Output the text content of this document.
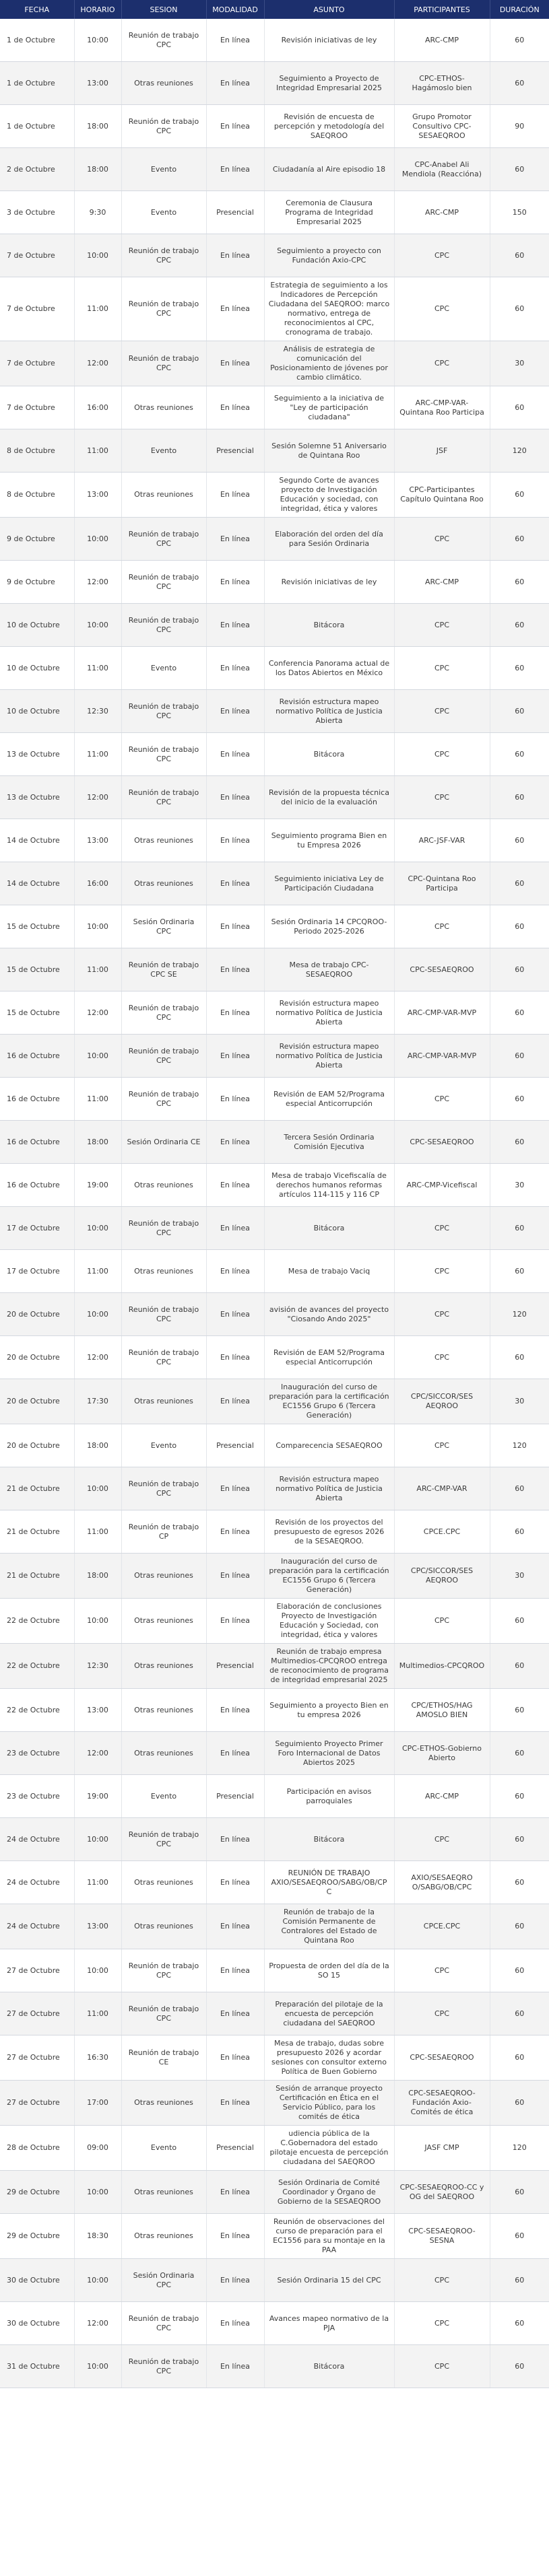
FECHA	HORARIO	SESION	MODALIDAD	ASUNTO	PARTICIPANTES	DURACIÓN
1 de Octubre	10:00	Reunión de trabajo CPC	En línea	Revisión iniciativas de ley	ARC-CMP	60
1 de Octubre	13:00	Otras reuniones	En línea	Seguimiento a Proyecto de Integridad Empresarial 2025	CPC-ETHOS-Hagámoslo bien	60
1 de Octubre	18:00	Reunión de trabajo CPC	En línea	Revisión de encuesta de percepción y metodología del SAEQROO	Grupo Promotor Consultivo CPC-SESAEQROO	90
2 de Octubre	18:00	Evento	En línea	Ciudadanía al Aire episodio 18	CPC-Anabel Ali Mendiola (Reaccióna)	60
3 de Octubre	9:30	Evento	Presencial	Ceremonia de Clausura Programa de Integridad Empresarial 2025	ARC-CMP	150
7 de Octubre	10:00	Reunión de trabajo CPC	En línea	Seguimiento a proyecto con Fundación Axio-CPC	CPC	60
7 de Octubre	11:00	Reunión de trabajo CPC	En línea	Estrategia de seguimiento a los Indicadores de Percepción Ciudadana del SAEQROO: marco normativo, entrega de reconocimientos al CPC, cronograma de trabajo.	CPC	60
7 de Octubre	12:00	Reunión de trabajo CPC	En línea	Análisis de estrategia de comunicación del Posicionamiento de jóvenes por cambio climático.	CPC	30
7 de Octubre	16:00	Otras reuniones	En línea	Seguimiento a la iniciativa de "Ley de participación ciudadana"	ARC-CMP-VAR-Quintana Roo Participa	60
8 de Octubre	11:00	Evento	Presencial	Sesión Solemne 51 Aniversario de Quintana Roo	JSF	120
8 de Octubre	13:00	Otras reuniones	En línea	Segundo Corte de avances proyecto de Investigación Educación y sociedad, con integridad, ética y valores	CPC-Participantes Capítulo Quintana Roo	60
9 de Octubre	10:00	Reunión de trabajo CPC	En línea	Elaboración del orden del día para Sesión Ordinaria	CPC	60
9 de Octubre	12:00	Reunión de trabajo CPC	En línea	Revisión iniciativas de ley	ARC-CMP	60
10 de Octubre	10:00	Reunión de trabajo CPC	En línea	Bitácora	CPC	60
10 de Octubre	11:00	Evento	En línea	Conferencia Panorama actual de los Datos Abiertos en México	CPC	60
10 de Octubre	12:30	Reunión de trabajo CPC	En línea	Revisión estructura mapeo normativo Política de Justicia Abierta	CPC	60
13 de Octubre	11:00	Reunión de trabajo CPC	En línea	Bitácora	CPC	60
13 de Octubre	12:00	Reunión de trabajo CPC	En línea	Revisión de la propuesta técnica del inicio de la evaluación	CPC	60
14 de Octubre	13:00	Otras reuniones	En línea	Seguimiento programa Bien en tu Empresa 2026	ARC-JSF-VAR	60
14 de Octubre	16:00	Otras reuniones	En línea	Seguimiento iniciativa Ley de Participación Ciudadana	CPC-Quintana Roo Participa	60
15 de Octubre	10:00	Sesión Ordinaria CPC	En línea	Sesión Ordinaria 14 CPCQROO-Periodo 2025-2026	CPC	60
15 de Octubre	11:00	Reunión de trabajo CPC SE	En línea	Mesa de trabajo CPC-SESAEQROO	CPC-SESAEQROO	60
15 de Octubre	12:00	Reunión de trabajo CPC	En línea	Revisión estructura mapeo normativo Política de Justicia Abierta	ARC-CMP-VAR-MVP	60
16 de Octubre	10:00	Reunión de trabajo CPC	En línea	Revisión estructura mapeo normativo Política de Justicia Abierta	ARC-CMP-VAR-MVP	60
16 de Octubre	11:00	Reunión de trabajo CPC	En línea	Revisión de EAM 52/Programa especial Anticorrupción	CPC	60
16 de Octubre	18:00	Sesión Ordinaria CE	En línea	Tercera Sesión Ordinaria Comisión Ejecutiva	CPC-SESAEQROO	60
16 de Octubre	19:00	Otras reuniones	En línea	Mesa de trabajo Vicefiscalía de derechos humanos reformas artículos 114-115 y 116 CP	ARC-CMP-Vicefiscal	30
17 de Octubre	10:00	Reunión de trabajo CPC	En línea	Bitácora	CPC	60
17 de Octubre	11:00	Otras reuniones	En línea	Mesa de trabajo Vaciq	CPC	60
20 de Octubre	10:00	Reunión de trabajo CPC	En línea	avisión de avances del proyecto "Ciosando Ando 2025"	CPC	120
20 de Octubre	12:00	Reunión de trabajo CPC	En línea	Revisión de EAM 52/Programa especial Anticorrupción	CPC	60
20 de Octubre	17:30	Otras reuniones	En línea	Inauguración del curso de preparación para la certificación EC1556 Grupo 6 (Tercera Generación)	CPC/SICCOR/SES AEQROO	30
20 de Octubre	18:00	Evento	Presencial	Comparecencia SESAEQROO	CPC	120
21 de Octubre	10:00	Reunión de trabajo CPC	En línea	Revisión estructura mapeo normativo Política de Justicia Abierta	ARC-CMP-VAR	60
21 de Octubre	11:00	Reunión de trabajo CP	En línea	Revisión de los proyectos del presupuesto de egresos 2026 de la SESAEQROO.	CPCE.CPC	60
21 de Octubre	18:00	Otras reuniones	En línea	Inauguración del curso de preparación para la certificación EC1556 Grupo 6 (Tercera Generación)	CPC/SICCOR/SES AEQROO	30
22 de Octubre	10:00	Otras reuniones	En línea	Elaboración de conclusiones Proyecto de Investigación Educación y Sociedad, con integridad, ética y valores	CPC	60
22 de Octubre	12:30	Otras reuniones	Presencial	Reunión de trabajo empresa Multimedios-CPCQROO entrega de reconocimiento de programa de integridad empresarial 2025	Multimedios-CPCQROO	60
22 de Octubre	13:00	Otras reuniones	En línea	Seguimiento a proyecto Bien en tu empresa 2026	CPC/ETHOS/HAG AMOSLO BIEN	60
23 de Octubre	12:00	Otras reuniones	En línea	Seguimiento Proyecto Primer Foro Internacional de Datos Abiertos 2025	CPC-ETHOS-Gobierno Abierto	60
23 de Octubre	19:00	Evento	Presencial	Participación en avisos parroquiales	ARC-CMP	60
24 de Octubre	10:00	Reunión de trabajo CPC	En línea	Bitácora	CPC	60
24 de Octubre	11:00	Otras reuniones	En línea	REUNIÓN DE TRABAJO AXIO/SESAEQROO/SABG/OB/CP C	AXIO/SESAEQRO O/SABG/OB/CPC	60
24 de Octubre	13:00	Otras reuniones	En línea	Reunión de trabajo de la Comisión Permanente de Contralores del Estado de Quintana Roo	CPCE.CPC	60
27 de Octubre	10:00	Reunión de trabajo CPC	En línea	Propuesta de orden del día de la SO 15	CPC	60
27 de Octubre	11:00	Reunión de trabajo CPC	En línea	Preparación del pilotaje de la encuesta de percepción ciudadana del SAEQROO	CPC	60
27 de Octubre	16:30	Reunión de trabajo CE	En línea	Mesa de trabajo, dudas sobre presupuesto 2026 y acordar sesiones con consultor externo Política de Buen Gobierno	CPC-SESAEQROO	60
27 de Octubre	17:00	Otras reuniones	En línea	Sesión de arranque proyecto Certificación en Ética en el Servicio Público, para los comités de ética	CPC-SESAEQROO-Fundación Axio-Comités de ética	60
28 de Octubre	09:00	Evento	Presencial	udiencia pública de la C.Gobernadora del estado pilotaje encuesta de percepción ciudadana del SAEQROO	JASF CMP	120
29 de Octubre	10:00	Otras reuniones	En línea	Sesión Ordinaria de Comité Coordinador y Órgano de Gobierno de la SESAEQROO	CPC-SESAEQROO-CC y OG del SAEQROO	60
29 de Octubre	18:30	Otras reuniones	En línea	Reunión de observaciones del curso de preparación para el EC1556 para su montaje en la PAA	CPC-SESAEQROO-SESNA	60
30 de Octubre	10:00	Sesión Ordinaria CPC	En línea	Sesión Ordinaria 15 del CPC	CPC	60
30 de Octubre	12:00	Reunión de trabajo CPC	En línea	Avances mapeo normativo de la PJA	CPC	60
31 de Octubre	10:00	Reunión de trabajo CPC	En línea	Bitácora	CPC	60
